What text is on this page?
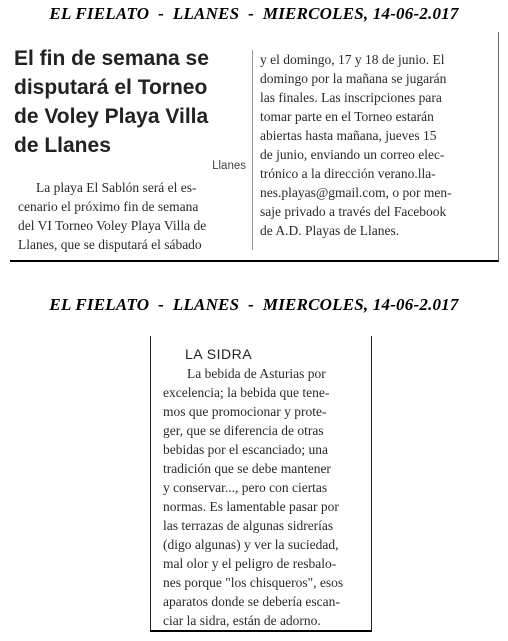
EL FIELATO  -  LLANES  -  MIERCOLES, 14-06-2.017
El fin de semana se
disputará el Torneo
de Voley Playa Villa
de Llanes
Llanes
La playa El Sablón será el es-
cenario el próximo fin de semana
del VI Torneo Voley Playa Villa de
Llanes, que se disputará el sábado
y el domingo, 17 y 18 de junio. El
domingo por la mañana se jugarán
las finales. Las inscripciones para
tomar parte en el Torneo estarán
abiertas hasta mañana, jueves 15
de junio, enviando un correo elec-
trónico a la dirección verano.lla-
nes.playas@gmail.com, o por men-
saje privado a través del Facebook
de A.D. Playas de Llanes.
EL FIELATO  -  LLANES  -  MIERCOLES, 14-06-2.017
LA SIDRA
La bebida de Asturias por
excelencia; la bebida que tene-
mos que promocionar y prote-
ger, que se diferencia de otras
bebidas por el escanciado; una
tradición que se debe mantener
y conservar..., pero con ciertas
normas. Es lamentable pasar por
las terrazas de algunas sidrerías
(digo algunas) y ver la suciedad,
mal olor y el peligro de resbalo-
nes porque "los chisqueros", esos
aparatos donde se debería escan-
ciar la sidra, están de adorno.
